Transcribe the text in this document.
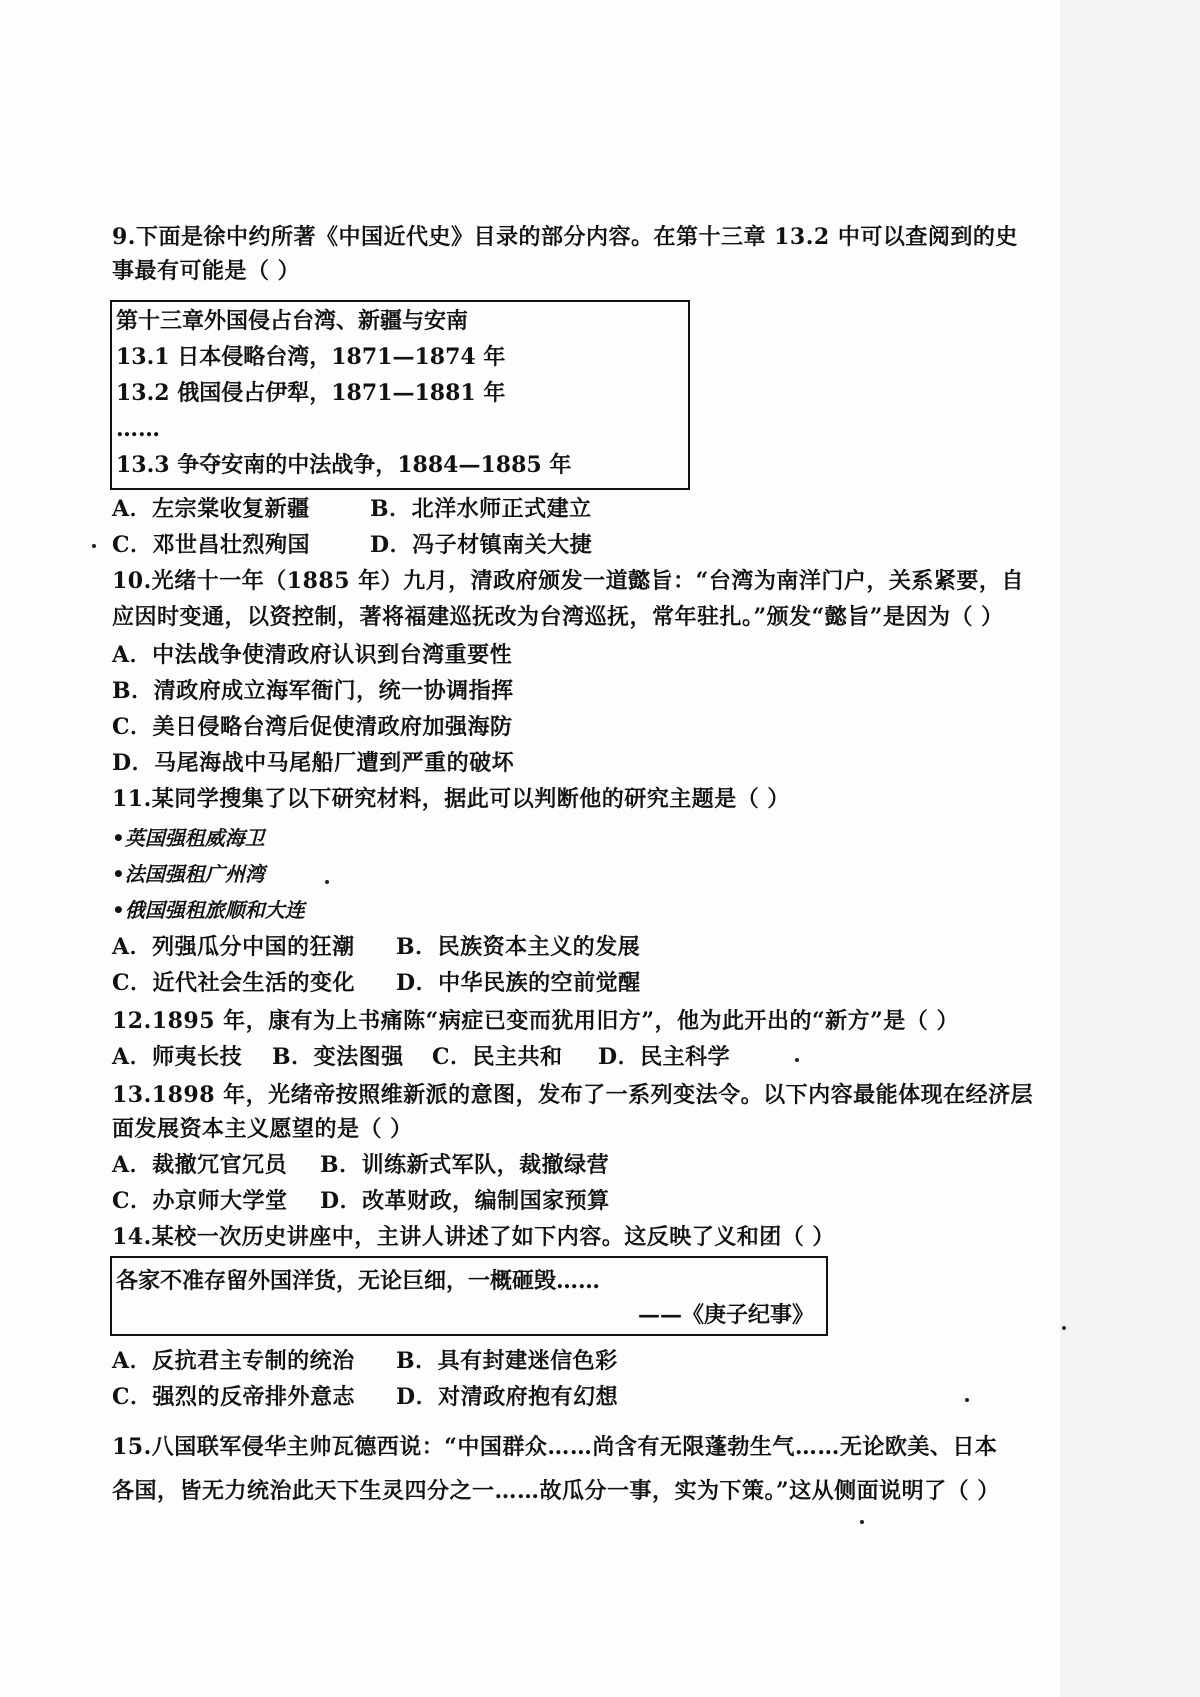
9.下面是徐中约所著《中国近代史》目录的部分内容。在第十三章 13.2 中可以查阅到的史
事最有可能是（ ）
第十三章外国侵占台湾、新疆与安南
13.1 日本侵略台湾，1871—1874 年
13.2 俄国侵占伊犁，1871—1881 年
……
13.3 争夺安南的中法战争，1884—1885 年
A．左宗棠收复新疆	B．北洋水师正式建立
C．邓世昌壮烈殉国	D．冯子材镇南关大捷
10.光绪十一年（1885 年）九月，清政府颁发一道懿旨：“台湾为南洋门户，关系紧要，自
应因时变通，以资控制，著将福建巡抚改为台湾巡抚，常年驻扎。”颁发“懿旨”是因为（ ）
A．中法战争使清政府认识到台湾重要性
B．清政府成立海军衙门，统一协调指挥
C．美日侵略台湾后促使清政府加强海防
D．马尾海战中马尾船厂遭到严重的破坏
11.某同学搜集了以下研究材料，据此可以判断他的研究主题是（ ）
•英国强租威海卫
•法国强租广州湾
•俄国强租旅顺和大连
A．列强瓜分中国的狂潮 B．民族资本主义的发展
C．近代社会生活的变化 D．中华民族的空前觉醒
12.1895 年，康有为上书痛陈“病症已变而犹用旧方”，他为此开出的“新方”是（ ）
A．师夷长技 B．变法图强 C．民主共和 D．民主科学
13.1898 年，光绪帝按照维新派的意图，发布了一系列变法令。以下内容最能体现在经济层
面发展资本主义愿望的是（ ）
A．裁撤冗官冗员 B．训练新式军队，裁撤绿营
C．办京师大学堂 D．改革财政，编制国家预算
14.某校一次历史讲座中，主讲人讲述了如下内容。这反映了义和团（ ）
各家不准存留外国洋货，无论巨细，一概砸毁……
——《庚子纪事》
A．反抗君主专制的统治 B．具有封建迷信色彩
C．强烈的反帝排外意志 D．对清政府抱有幻想
15.八国联军侵华主帅瓦德西说：“中国群众……尚含有无限蓬勃生气……无论欧美、日本
各国，皆无力统治此天下生灵四分之一……故瓜分一事，实为下策。”这从侧面说明了（ ）
